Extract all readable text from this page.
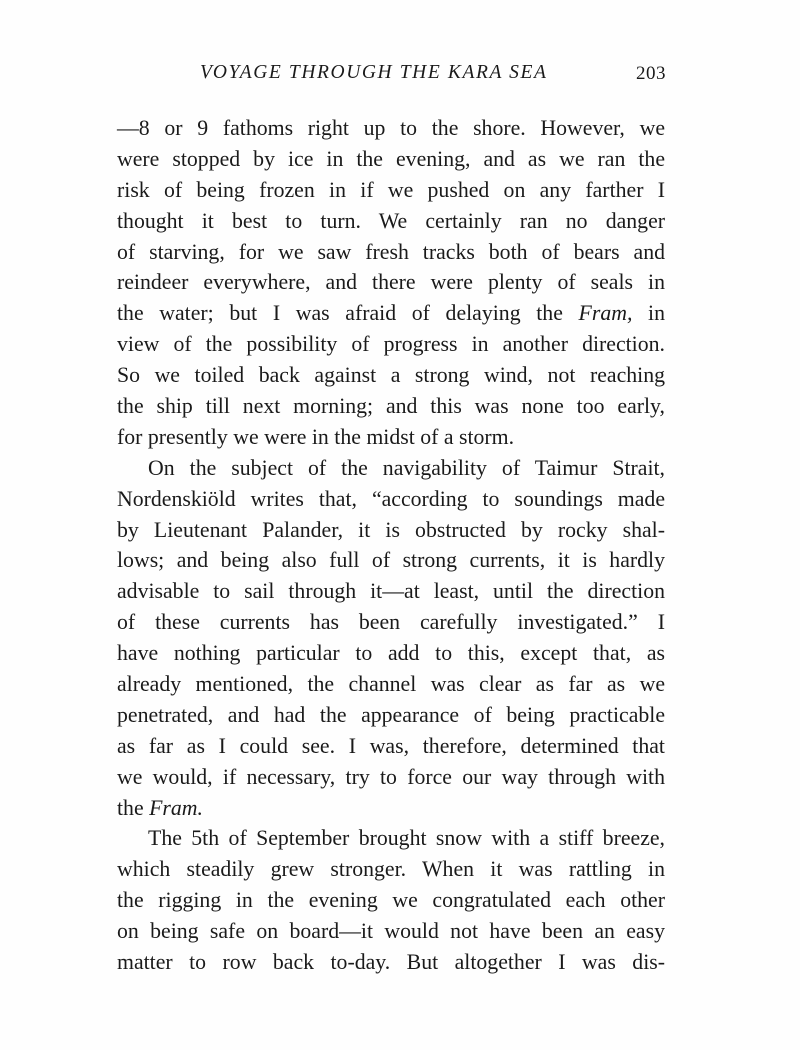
VOYAGE THROUGH THE KARA SEA	203
—8 or 9 fathoms right up to the shore. However, we
were stopped by ice in the evening, and as we ran the
risk of being frozen in if we pushed on any farther I
thought it best to turn. We certainly ran no danger
of starving, for we saw fresh tracks both of bears and
reindeer everywhere, and there were plenty of seals in
the water; but I was afraid of delaying the Fram, in
view of the possibility of progress in another direction.
So we toiled back against a strong wind, not reaching
the ship till next morning; and this was none too early,
for presently we were in the midst of a storm.
On the subject of the navigability of Taimur Strait,
Nordenskiöld writes that, “according to soundings made
by Lieutenant Palander, it is obstructed by rocky shal-
lows; and being also full of strong currents, it is hardly
advisable to sail through it—at least, until the direction
of these currents has been carefully investigated.” I
have nothing particular to add to this, except that, as
already mentioned, the channel was clear as far as we
penetrated, and had the appearance of being practicable
as far as I could see. I was, therefore, determined that
we would, if necessary, try to force our way through with
the Fram.
The 5th of September brought snow with a stiff breeze,
which steadily grew stronger. When it was rattling in
the rigging in the evening we congratulated each other
on being safe on board—it would not have been an easy
matter to row back to-day. But altogether I was dis-
